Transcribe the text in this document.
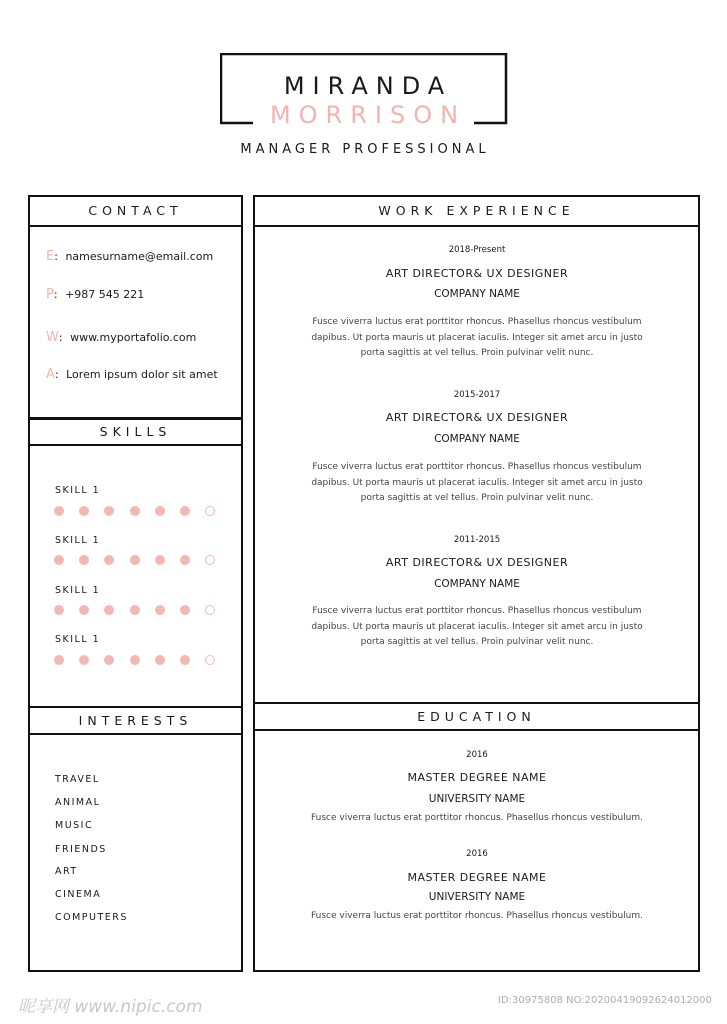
MIRANDA
MORRISON
MANAGER PROFESSIONAL
CONTACT
E: namesurname@email.com
P: +987 545 221
W: www.myportafolio.com
A: Lorem ipsum dolor sit amet
SKILLS
SKILL 1
SKILL 1
SKILL 1
SKILL 1
INTERESTS
TRAVEL
ANIMAL
MUSIC
FRIENDS
ART
CINEMA
COMPUTERS
WORK EXPERIENCE
2018-Present
ART DIRECTOR& UX DESIGNER
COMPANY NAME
Fusce viverra luctus erat porttitor rhoncus. Phasellus rhoncus vestibulum
dapibus. Ut porta mauris ut placerat iaculis. Integer sit amet arcu in justo
porta sagittis at vel tellus. Proin pulvinar velit nunc.
2015-2017
ART DIRECTOR& UX DESIGNER
COMPANY NAME
Fusce viverra luctus erat porttitor rhoncus. Phasellus rhoncus vestibulum
dapibus. Ut porta mauris ut placerat iaculis. Integer sit amet arcu in justo
porta sagittis at vel tellus. Proin pulvinar velit nunc.
2011-2015
ART DIRECTOR& UX DESIGNER
COMPANY NAME
Fusce viverra luctus erat porttitor rhoncus. Phasellus rhoncus vestibulum
dapibus. Ut porta mauris ut placerat iaculis. Integer sit amet arcu in justo
porta sagittis at vel tellus. Proin pulvinar velit nunc.
EDUCATION
2016
MASTER DEGREE NAME
UNIVERSITY NAME
Fusce viverra luctus erat porttitor rhoncus. Phasellus rhoncus vestibulum.
2016
MASTER DEGREE NAME
UNIVERSITY NAME
Fusce viverra luctus erat porttitor rhoncus. Phasellus rhoncus vestibulum.
昵享网 www.nipic.com	ID:30975808 NO:20200419092624012000
